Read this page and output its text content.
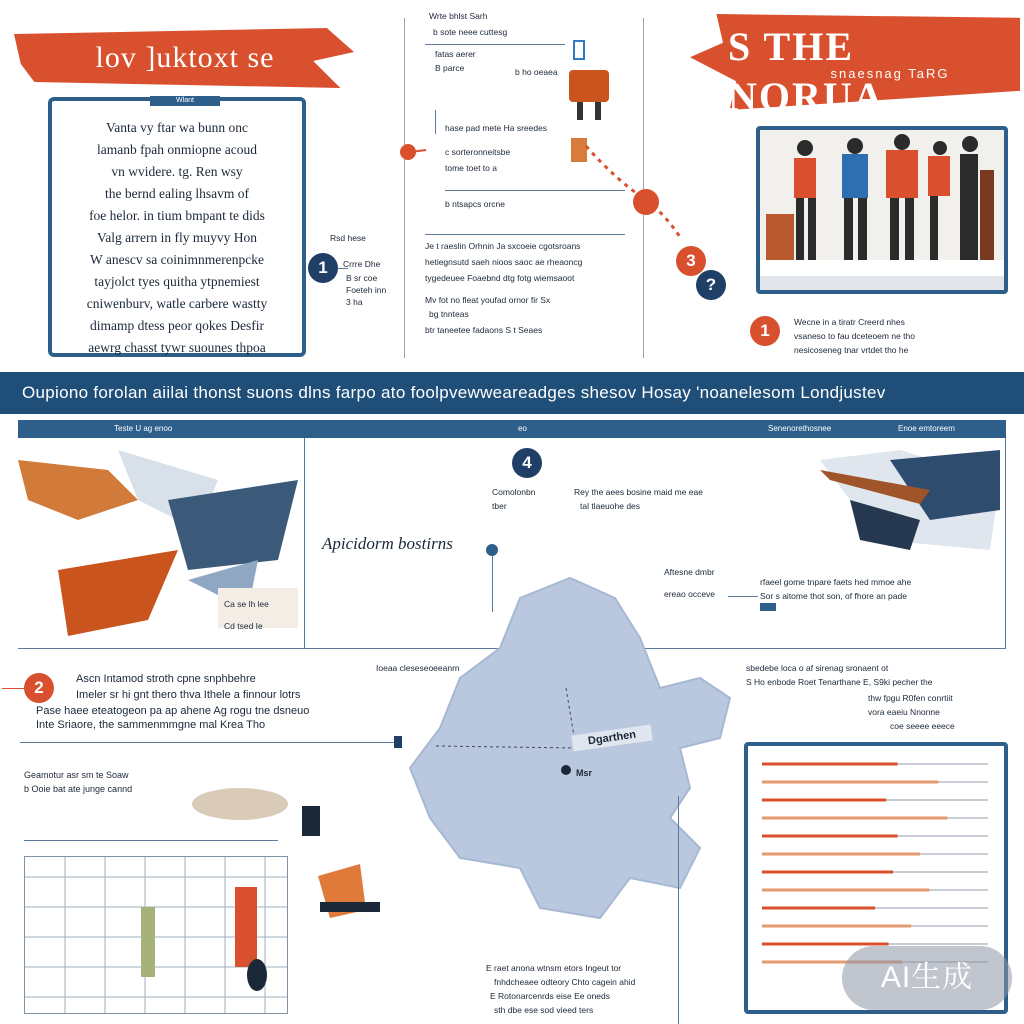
lov ]uktoxt se	S THE NORUA
snaesnag TaRG

Vanta vy ftar wa bunn onc

lamanb fpah onmiopne acoud

vn wvidere. tg. Ren wsy

the bernd ealing lhsavm of

foe helor. in tium bmpant te dids

Valg arrern in fly muyvy Hon

W anescv sa coinimnmerenpcke

tayjolct tyes quitha ytpnemiest

cniwenburv, watle carbere wastty

dimamp dtess peor qokes Desfir

aewrg chasst tywr suounes thpoa

Wlant
1	Crrre Dhe
B sr coe
Foeteh inn
3 ha
Rsd hese
Wrte bhlst Sarh
b sote neee cuttesg
fatas aerer
B parce	b ho oeaea
hase pad mete Ha sreedes
c sorteronneitsbe
tome toet to a
b ntsapcs orcne
Je t raeslin Orhnin Ja sxcoeie cgotsroans
hetiegnsutd saeh nioos saoc ae rheaoncg
tygedeuee Foaebnd dtg fotg wiemsaoot
Mv fot no fleat youfad ornor fir Sx
bg tnnteas
btr taneetee fadaons S t Seaes
3
?
1	Wecne in a tiratr Creerd nhes
vsaneso to fau dceteoem ne tho
nesicoseneg tnar vrtdet tho he
Oupiono forolan aiilai thonst suons dlns farpo ato foolpvewweareadges shesov Hosay 'noanelesom Londjustev
Teste U ag enoo	eo	Senenorethosnee	Enoe emtoreem
Ca se lh lee
Cd tsed Ie
4
Comolonbn
tber
Rey the aees bosine maid me eae
tal tlaeuohe des
Apicidorm bostirns
Dgarthen
Msr
Aftesne dmbr
ereao occeve
rfaeel gome tnpare faets hed mmoe ahe
Sor s aitome thot son, of fhore an pade
2	Ascn Intamod stroth cpne snphbehre
Imeler sr hi gnt thero thva Ithele a finnour lotrs
Pase haee eteatogeon pa ap ahene Ag rogu tne dsneuo
Inte Sriaore, the sammenmmgne mal Krea Tho
Ioeaa cleseseoeeanrn	sbedebe loca o af sirenag sronaent ot
S Ho enbode Roet Tenarthane E, S9ki pecher the
thw fpgu R0fen conrtiit
vora eaeiu Nnonne
coe seeee eeece
Geamotur asr sm te Soaw
b Ooie bat ate junge cannd
E raet anona wtnsm etors Ingeut tor
fnhdcheaee odteory Chto cagein ahid
E Rotonarcenrds eise Ee oneds
sth dbe ese sod vieed ters
AI生成
